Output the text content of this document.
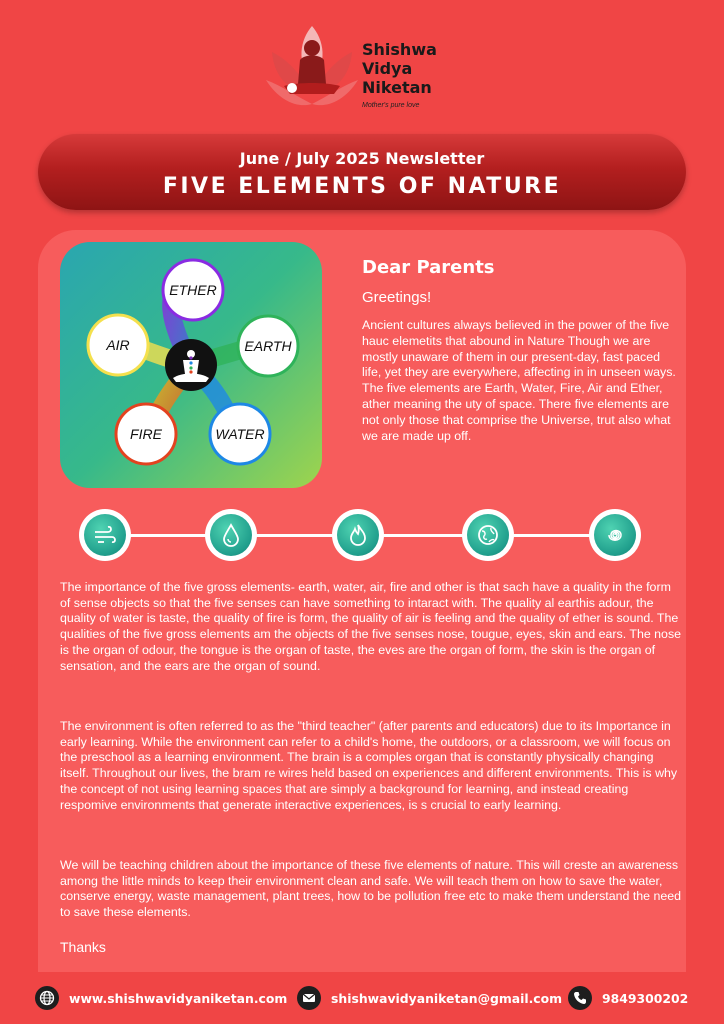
Shishwa
Vidya
Niketan
Mother's pure love
June / July 2025 Newsletter
FIVE ELEMENTS OF NATURE
ETHER
EARTH
WATER
FIRE
AIR
Dear Parents
Greetings!
Ancient cultures always believed in the power of the five hauc elemetits that abound in Nature Though we are mostly unaware of them in our present-day, fast paced life, yet they are everywhere, affecting in in unseen ways. The five elements are Earth, Water, Fire, Air and Ether, ather meaning the uty of space. There five elements are not only those that comprise the Universe, trut also what we are made up off.
The importance of the five gross elements- earth, water, air, fire and other is that sach have a quality in the form of sense objects so that the five senses can have something to intaract with. The quality al earthis adour, the quality of water is taste, the quality of fire is form, the quality of air is feeling and the quality of ether is sound. The qualities of the five gross elements am the objects of the five senses nose, tougue, eyes, skin and ears. The nose is the organ of odour, the tongue is the organ of taste, the eves are the organ of form, the skin is the organ of sensation, and the ears are the organ of sound.
The environment is often referred to as the "third teacher" (after parents and educators) due to its Importance in early learning. While the environment can refer to a child's home, the outdoors, or a classroom, we will focus on the preschool as a learning environment. The brain is a comples organ that is constantly physically changing itself. Throughout our lives, the bram re wires held based on experiences and different environments. This is why the concept of not using learning spaces that are simply a background for learning, and instead creating respomive environments that generate interactive experiences, is s crucial to early learning.
We will be teaching children about the importance of these five elements of nature. This will creste an awareness among the little minds to keep their environment clean and safe. We will teach them on how to save the water, conserve energy, waste management, plant trees, how to be pollution free etc to make them understand the need to save these elements.
Thanks
www.shishwavidyaniketan.com	shishwavidyaniketan@gmail.com	9849300202
